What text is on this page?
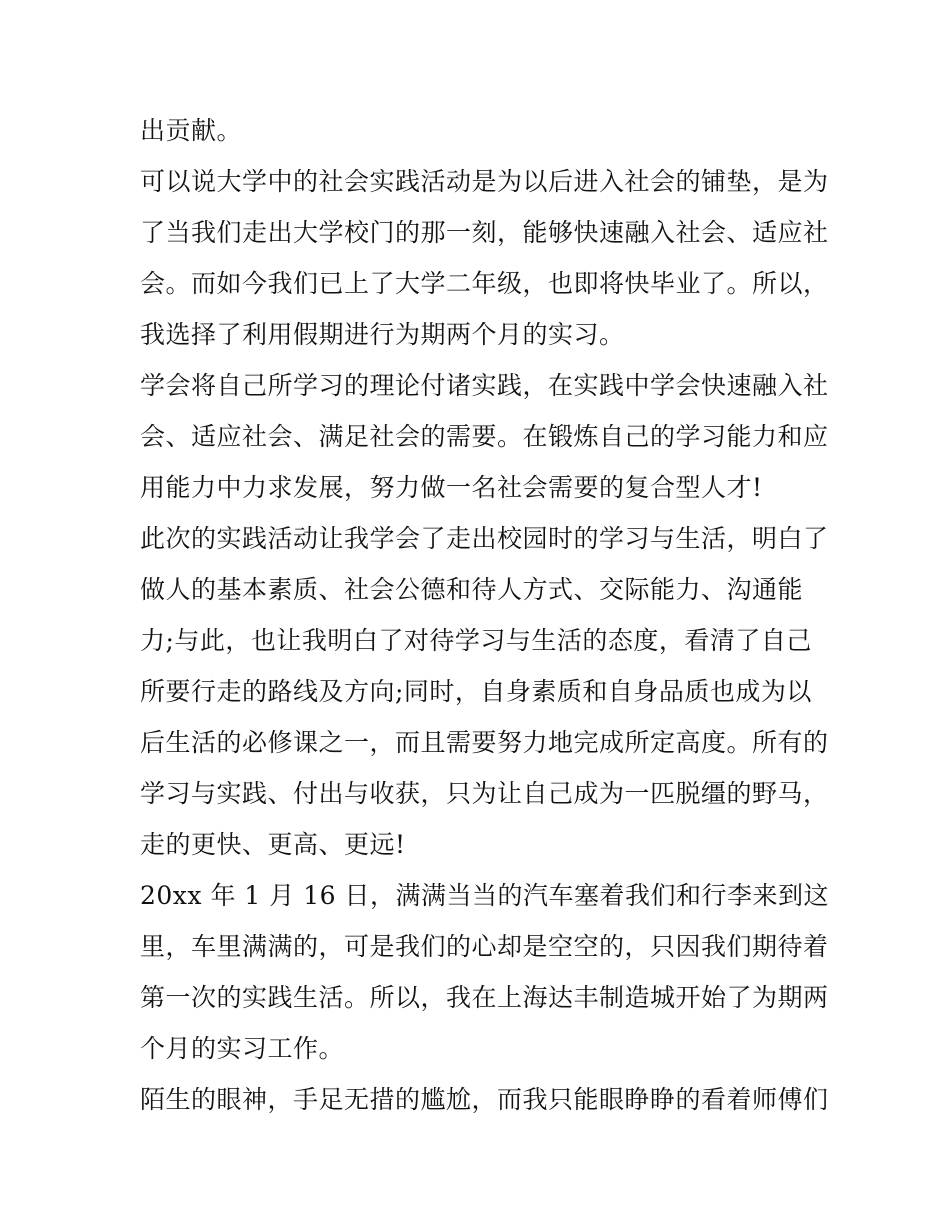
出贡献。
可以说大学中的社会实践活动是为以后进入社会的铺垫，是为
了当我们走出大学校门的那一刻，能够快速融入社会、适应社
会。而如今我们已上了大学二年级，也即将快毕业了。所以，
我选择了利用假期进行为期两个月的实习。
学会将自己所学习的理论付诸实践，在实践中学会快速融入社
会、适应社会、满足社会的需要。在锻炼自己的学习能力和应
用能力中力求发展，努力做一名社会需要的复合型人才!
此次的实践活动让我学会了走出校园时的学习与生活，明白了
做人的基本素质、社会公德和待人方式、交际能力、沟通能
力;与此，也让我明白了对待学习与生活的态度，看清了自己
所要行走的路线及方向;同时，自身素质和自身品质也成为以
后生活的必修课之一，而且需要努力地完成所定高度。所有的
学习与实践、付出与收获，只为让自己成为一匹脱缰的野马，
走的更快、更高、更远!
20xx 年 1 月 16 日，满满当当的汽车塞着我们和行李来到这
里，车里满满的，可是我们的心却是空空的，只因我们期待着
第一次的实践生活。所以，我在上海达丰制造城开始了为期两
个月的实习工作。
陌生的眼神，手足无措的尴尬，而我只能眼睁睁的看着师傅们
